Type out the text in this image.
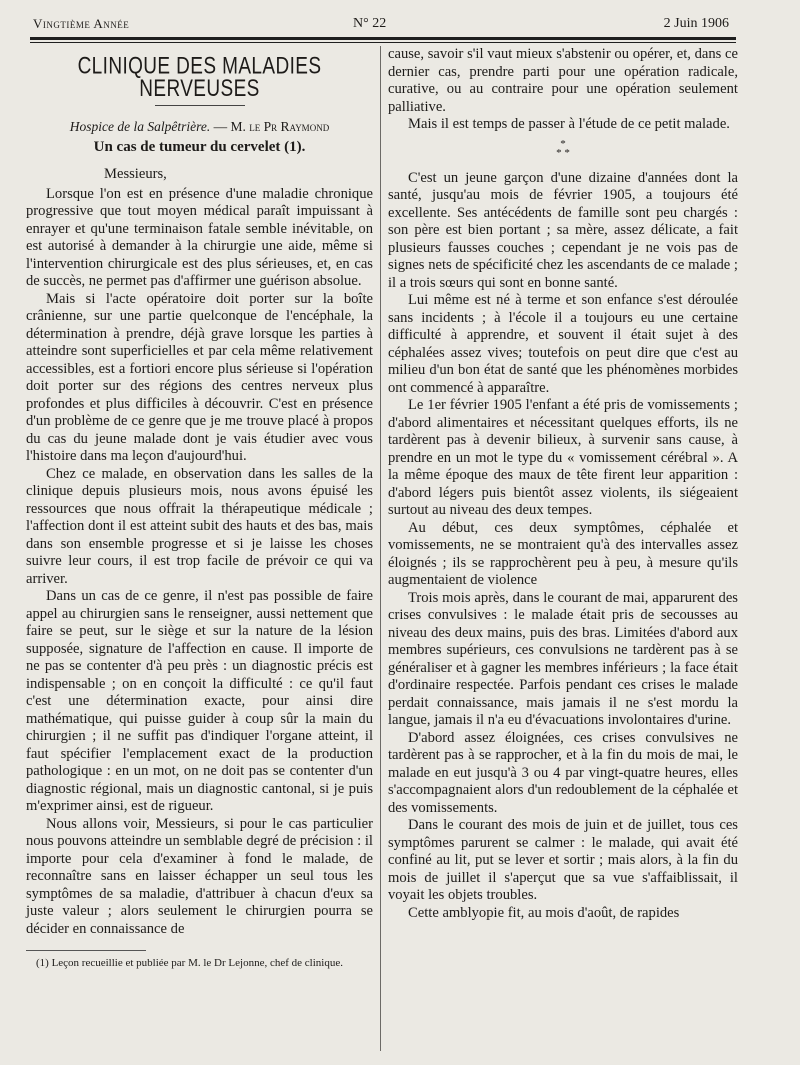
Vingtième Année	N° 22	2 Juin 1906
CLINIQUE DES MALADIES NERVEUSES
Hospice de la Salpêtrière. — M. le Pr Raymond
Un cas de tumeur du cervelet (1).
Messieurs,

Lorsque l'on est en présence d'une maladie chronique progressive que tout moyen médical paraît impuissant à enrayer et qu'une terminaison fatale semble inévitable, on est autorisé à demander à la chirurgie une aide, même si l'intervention chirurgicale est des plus sérieuses, et, en cas de succès, ne permet pas d'affirmer une guérison absolue.

Mais si l'acte opératoire doit porter sur la boîte crânienne, sur une partie quelconque de l'encéphale, la détermination à prendre, déjà grave lorsque les parties à atteindre sont superficielles et par cela même relativement accessibles, est a fortiori encore plus sérieuse si l'opération doit porter sur des régions des centres nerveux plus profondes et plus difficiles à découvrir. C'est en présence d'un problème de ce genre que je me trouve placé à propos du cas du jeune malade dont je vais étudier avec vous l'histoire dans ma leçon d'aujourd'hui.

Chez ce malade, en observation dans les salles de la clinique depuis plusieurs mois, nous avons épuisé les ressources que nous offrait la thérapeutique médicale ; l'affection dont il est atteint subit des hauts et des bas, mais dans son ensemble progresse et si je laisse les choses suivre leur cours, il est trop facile de prévoir ce qui va arriver.

Dans un cas de ce genre, il n'est pas possible de faire appel au chirurgien sans le renseigner, aussi nettement que faire se peut, sur le siège et sur la nature de la lésion supposée, signature de l'affection en cause. Il importe de ne pas se contenter d'à peu près : un diagnostic précis est indispensable ; on en conçoit la difficulté : ce qu'il faut c'est une détermination exacte, pour ainsi dire mathématique, qui puisse guider à coup sûr la main du chirurgien ; il ne suffit pas d'indiquer l'organe atteint, il faut spécifier l'emplacement exact de la production pathologique : en un mot, on ne doit pas se contenter d'un diagnostic régional, mais un diagnostic cantonal, si je puis m'exprimer ainsi, est de rigueur.

Nous allons voir, Messieurs, si pour le cas particulier nous pouvons atteindre un semblable degré de précision : il importe pour cela d'examiner à fond le malade, de reconnaître sans en laisser échapper un seul tous les symptômes de sa maladie, d'attribuer à chacun d'eux sa juste valeur ; alors seulement le chirurgien pourra se décider en connaissance de

(1) Leçon recueillie et publiée par M. le Dr Lejonne, chef de clinique.

cause, savoir s'il vaut mieux s'abstenir ou opérer, et, dans ce dernier cas, prendre parti pour une opération radicale, curative, ou au contraire pour une opération seulement palliative.

Mais il est temps de passer à l'étude de ce petit malade.

*
* *

C'est un jeune garçon d'une dizaine d'années dont la santé, jusqu'au mois de février 1905, a toujours été excellente. Ses antécédents de famille sont peu chargés : son père est bien portant ; sa mère, assez délicate, a fait plusieurs fausses couches ; cependant je ne vois pas de signes nets de spécificité chez les ascendants de ce malade ; il a trois sœurs qui sont en bonne santé.

Lui même est né à terme et son enfance s'est déroulée sans incidents ; à l'école il a toujours eu une certaine difficulté à apprendre, et souvent il était sujet à des céphalées assez vives; toutefois on peut dire que c'est au milieu d'un bon état de santé que les phénomènes morbides ont commencé à apparaître.

Le 1er février 1905 l'enfant a été pris de vomissements ; d'abord alimentaires et nécessitant quelques efforts, ils ne tardèrent pas à devenir bilieux, à survenir sans cause, à prendre en un mot le type du « vomissement cérébral ». A la même époque des maux de tête firent leur apparition : d'abord légers puis bientôt assez violents, ils siégeaient surtout au niveau des deux tempes.

Au début, ces deux symptômes, céphalée et vomissements, ne se montraient qu'à des intervalles assez éloignés ; ils se rapprochèrent peu à peu, à mesure qu'ils augmentaient de violence

Trois mois après, dans le courant de mai, apparurent des crises convulsives : le malade était pris de secousses au niveau des deux mains, puis des bras. Limitées d'abord aux membres supérieurs, ces convulsions ne tardèrent pas à se généraliser et à gagner les membres inférieurs ; la face était d'ordinaire respectée. Parfois pendant ces crises le malade perdait connaissance, mais jamais il ne s'est mordu la langue, jamais il n'a eu d'évacuations involontaires d'urine.

D'abord assez éloignées, ces crises convulsives ne tardèrent pas à se rapprocher, et à la fin du mois de mai, le malade en eut jusqu'à 3 ou 4 par vingt-quatre heures, elles s'accompagnaient alors d'un redoublement de la céphalée et des vomissements.

Dans le courant des mois de juin et de juillet, tous ces symptômes parurent se calmer : le malade, qui avait été confiné au lit, put se lever et sortir ; mais alors, à la fin du mois de juillet il s'aperçut que sa vue s'affaiblissait, il voyait les objets troubles.

Cette amblyopie fit, au mois d'août, de rapides
